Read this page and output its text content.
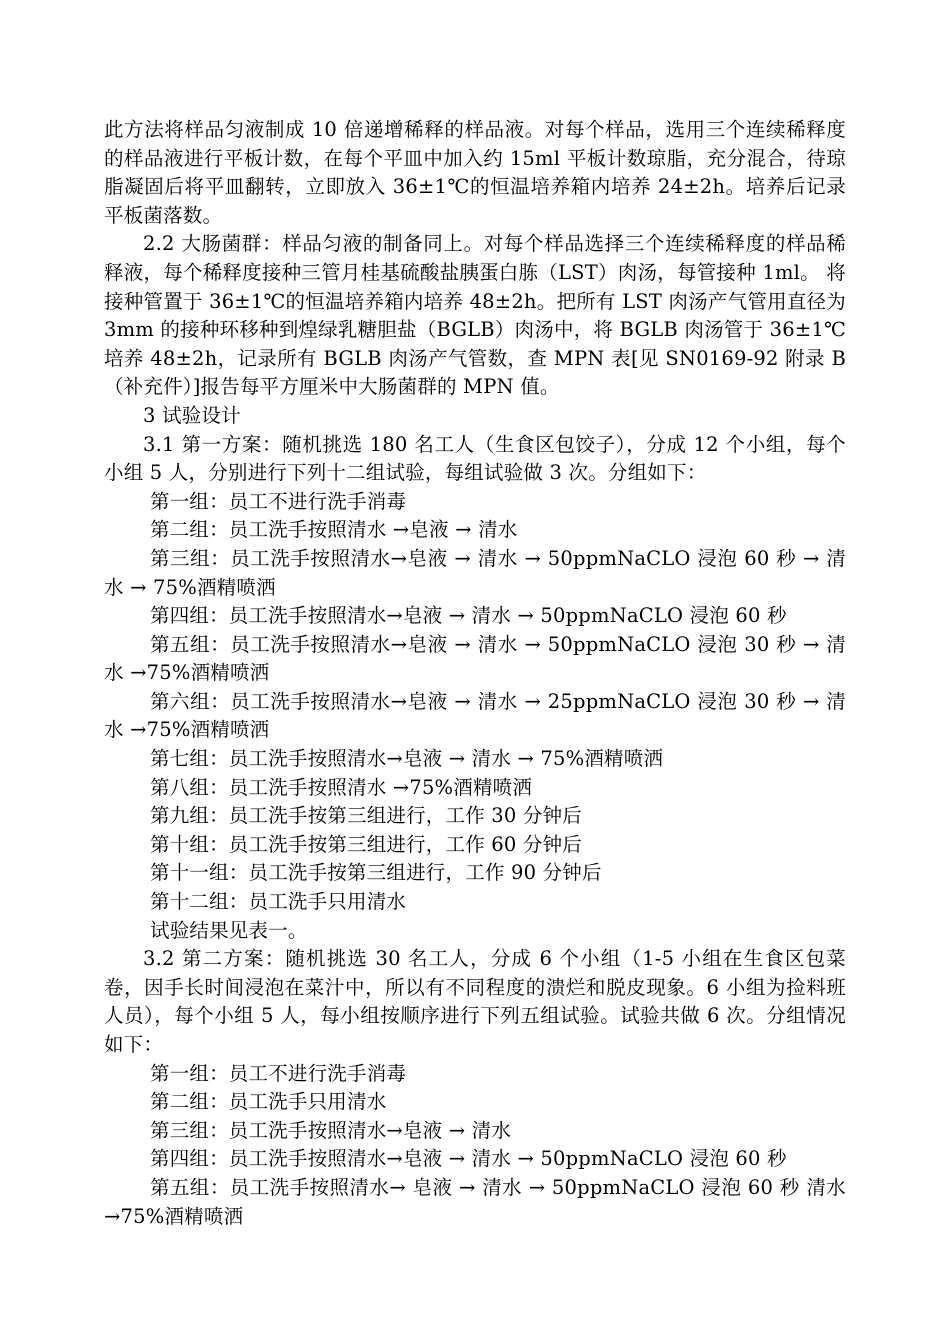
此方法将样品匀液制成 10 倍递增稀释的样品液。对每个样品，选用三个连续稀释度的样品液进行平板计数，在每个平皿中加入约 15ml 平板计数琼脂，充分混合，待琼脂凝固后将平皿翻转，立即放入 36±1℃的恒温培养箱内培养 24±2h。培养后记录平板菌落数。

2.2 大肠菌群：样品匀液的制备同上。对每个样品选择三个连续稀释度的样品稀释液，每个稀释度接种三管月桂基硫酸盐胰蛋白胨（LST）肉汤，每管接种 1ml。 将接种管置于 36±1℃的恒温培养箱内培养 48±2h。把所有 LST 肉汤产气管用直径为 3mm 的接种环移种到煌绿乳糖胆盐（BGLB）肉汤中，将 BGLB 肉汤管于 36±1℃培养 48±2h，记录所有 BGLB 肉汤产气管数，查 MPN 表[见 SN0169-92 附录 B（补充件）]报告每平方厘米中大肠菌群的 MPN 值。

3 试验设计

3.1 第一方案：随机挑选 180 名工人（生食区包饺子），分成 12 个小组，每个小组 5 人，分别进行下列十二组试验，每组试验做 3 次。分组如下：

第一组：员工不进行洗手消毒

第二组：员工洗手按照清水 →皂液 → 清水

第三组：员工洗手按照清水→皂液 → 清水 → 50ppmNaCLO 浸泡 60 秒 → 清水 → 75%酒精喷洒

第四组：员工洗手按照清水→皂液 → 清水 → 50ppmNaCLO 浸泡 60 秒

第五组：员工洗手按照清水→皂液 → 清水 → 50ppmNaCLO 浸泡 30 秒 → 清水 →75%酒精喷洒

第六组：员工洗手按照清水→皂液 → 清水 → 25ppmNaCLO 浸泡 30 秒 → 清水 →75%酒精喷洒

第七组：员工洗手按照清水→皂液 → 清水 → 75%酒精喷洒

第八组：员工洗手按照清水 →75%酒精喷洒

第九组：员工洗手按第三组进行，工作 30 分钟后

第十组：员工洗手按第三组进行，工作 60 分钟后

第十一组：员工洗手按第三组进行，工作 90 分钟后

第十二组：员工洗手只用清水

试验结果见表一。

3.2 第二方案：随机挑选 30 名工人，分成 6 个小组（1-5 小组在生食区包菜卷，因手长时间浸泡在菜汁中，所以有不同程度的溃烂和脱皮现象。6 小组为捡料班人员），每个小组 5 人，每小组按顺序进行下列五组试验。试验共做 6 次。分组情况如下：

第一组：员工不进行洗手消毒

第二组：员工洗手只用清水

第三组：员工洗手按照清水→皂液 → 清水

第四组：员工洗手按照清水→皂液 → 清水 → 50ppmNaCLO 浸泡 60 秒

第五组：员工洗手按照清水→ 皂液 → 清水 → 50ppmNaCLO 浸泡 60 秒 清水 →75%酒精喷洒
